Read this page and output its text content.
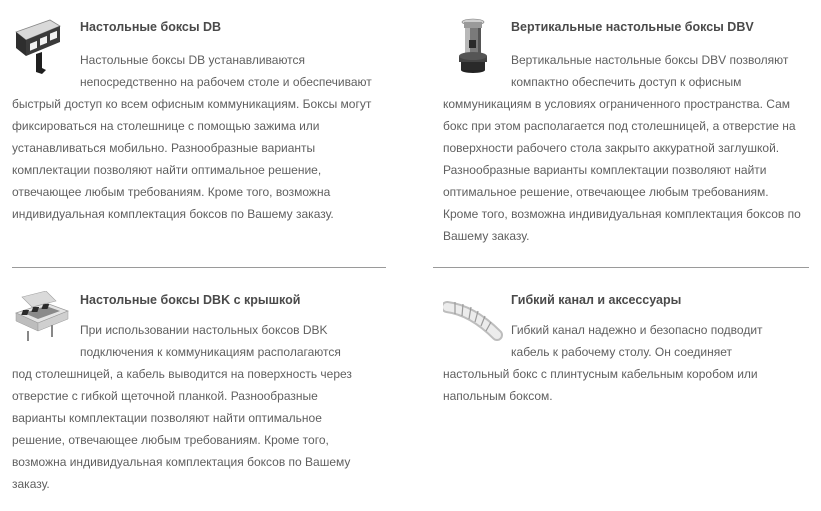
Настольные боксы DB
Настольные боксы DB устанавливаются непосредственно на рабочем столе и обеспечивают быстрый доступ ко всем офисным коммуникациям. Боксы могут фиксироваться на столешнице с помощью зажима или устанавливаться мобильно. Разнообразные варианты комплектации позволяют найти оптимальное решение, отвечающее любым требованиям. Кроме того, возможна индивидуальная комплектация боксов по Вашему заказу.
Вертикальные настольные боксы DBV
Вертикальные настольные боксы DBV позволяют компактно обеспечить доступ к офисным коммуникациям в условиях ограниченного пространства. Сам бокс при этом располагается под столешницей, а отверстие на поверхности рабочего стола закрыто аккуратной заглушкой. Разнообразные варианты комплектации позволяют найти оптимальное решение, отвечающее любым требованиям. Кроме того, возможна индивидуальная комплектация боксов по Вашему заказу.
Настольные боксы DBK с крышкой
При использовании настольных боксов DBK подключения к коммуникациям располагаются под столешницей, а кабель выводится на поверхность через отверстие с гибкой щеточной планкой. Разнообразные варианты комплектации позволяют найти оптимальное решение, отвечающее любым требованиям. Кроме того, возможна индивидуальная комплектация боксов по Вашему заказу.
Гибкий канал и аксессуары
Гибкий канал надежно и безопасно подводит кабель к рабочему столу. Он соединяет настольный бокс с плинтусным кабельным коробом или напольным боксом.
